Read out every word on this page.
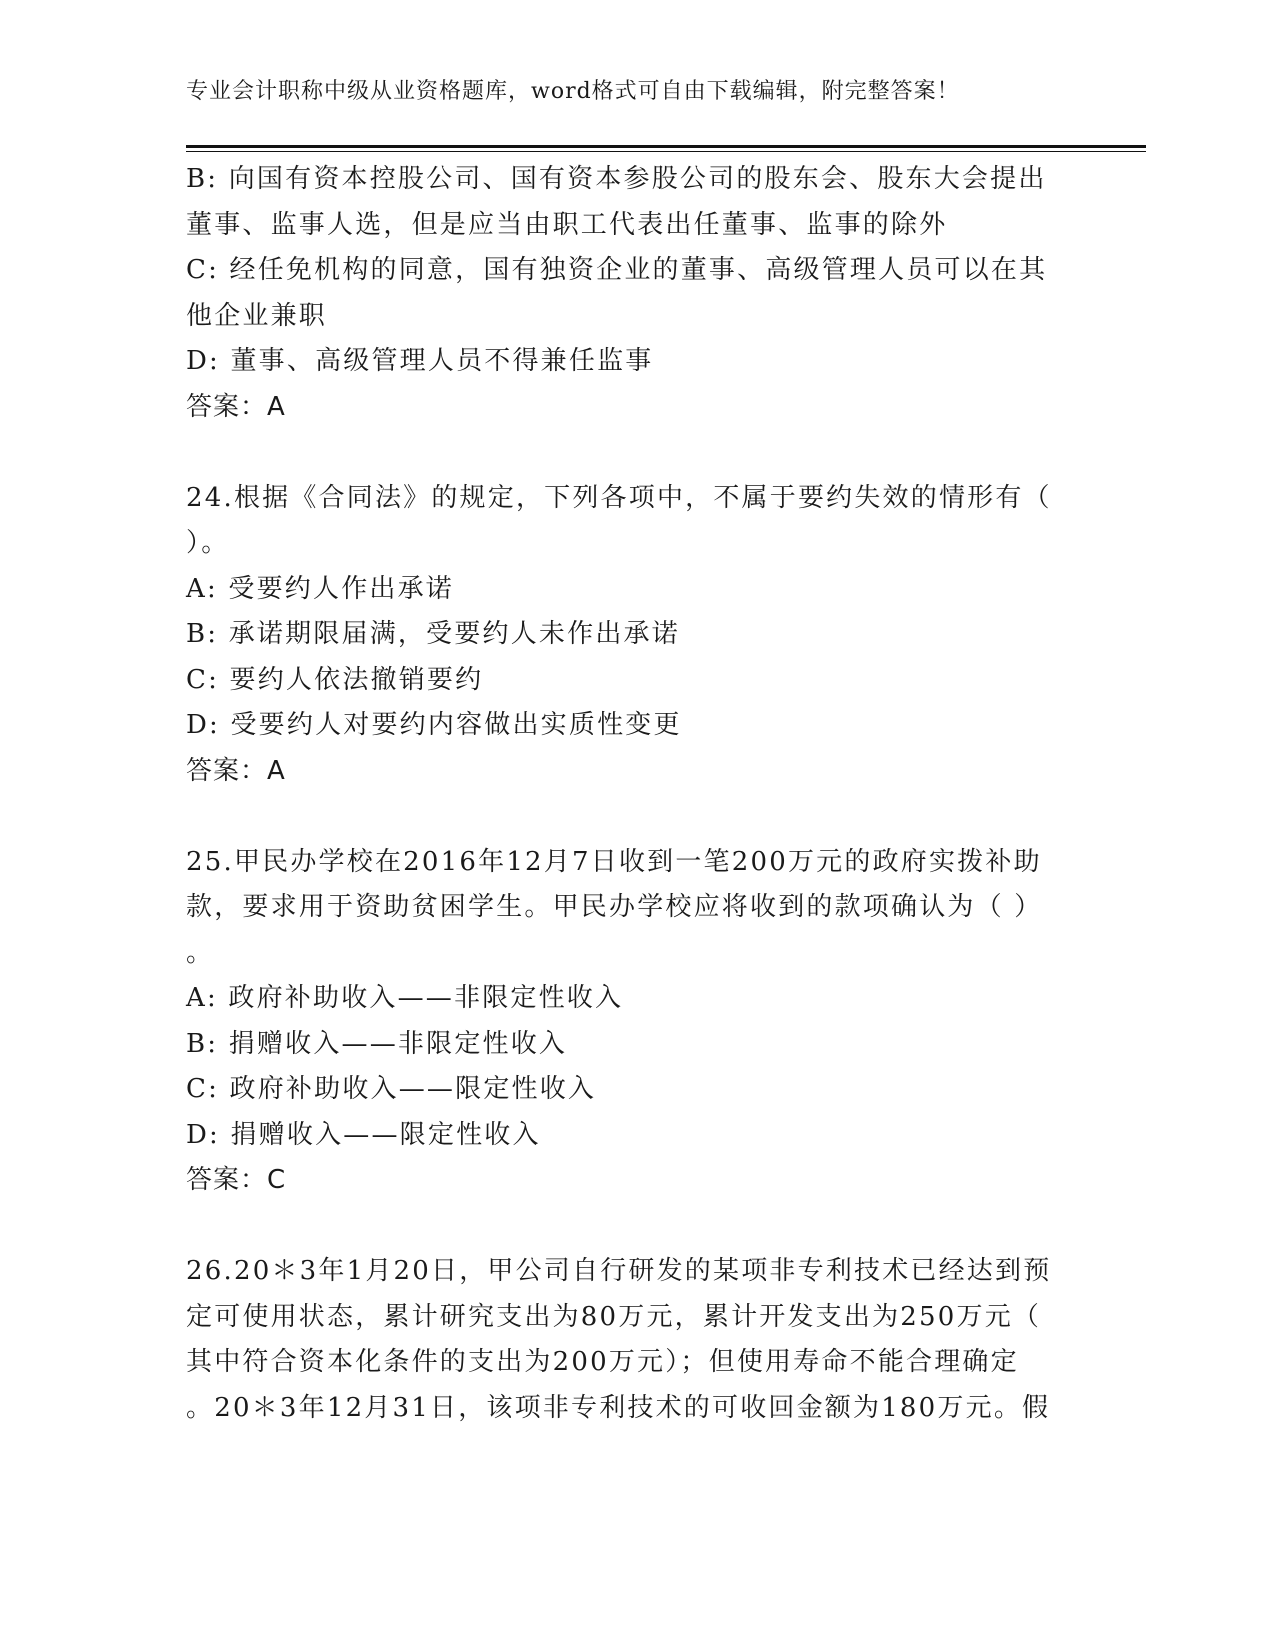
专业会计职称中级从业资格题库，word格式可自由下载编辑，附完整答案！
B: 向国有资本控股公司、国有资本参股公司的股东会、股东大会提出
董事、监事人选，但是应当由职工代表出任董事、监事的除外
C: 经任免机构的同意，国有独资企业的董事、高级管理人员可以在其
他企业兼职
D: 董事、高级管理人员不得兼任监事
答案：A
24.根据《合同法》的规定，下列各项中，不属于要约失效的情形有（
）。
A: 受要约人作出承诺
B: 承诺期限届满，受要约人未作出承诺
C: 要约人依法撤销要约
D: 受要约人对要约内容做出实质性变更
答案：A
25.甲民办学校在2016年12月7日收到一笔200万元的政府实拨补助
款，要求用于资助贫困学生。甲民办学校应将收到的款项确认为（ ）
。
A: 政府补助收入——非限定性收入
B: 捐赠收入——非限定性收入
C: 政府补助收入——限定性收入
D: 捐赠收入——限定性收入
答案：C
26.20＊3年1月20日，甲公司自行研发的某项非专利技术已经达到预
定可使用状态，累计研究支出为80万元，累计开发支出为250万元（
其中符合资本化条件的支出为200万元）；但使用寿命不能合理确定
。20＊3年12月31日，该项非专利技术的可收回金额为180万元。假
